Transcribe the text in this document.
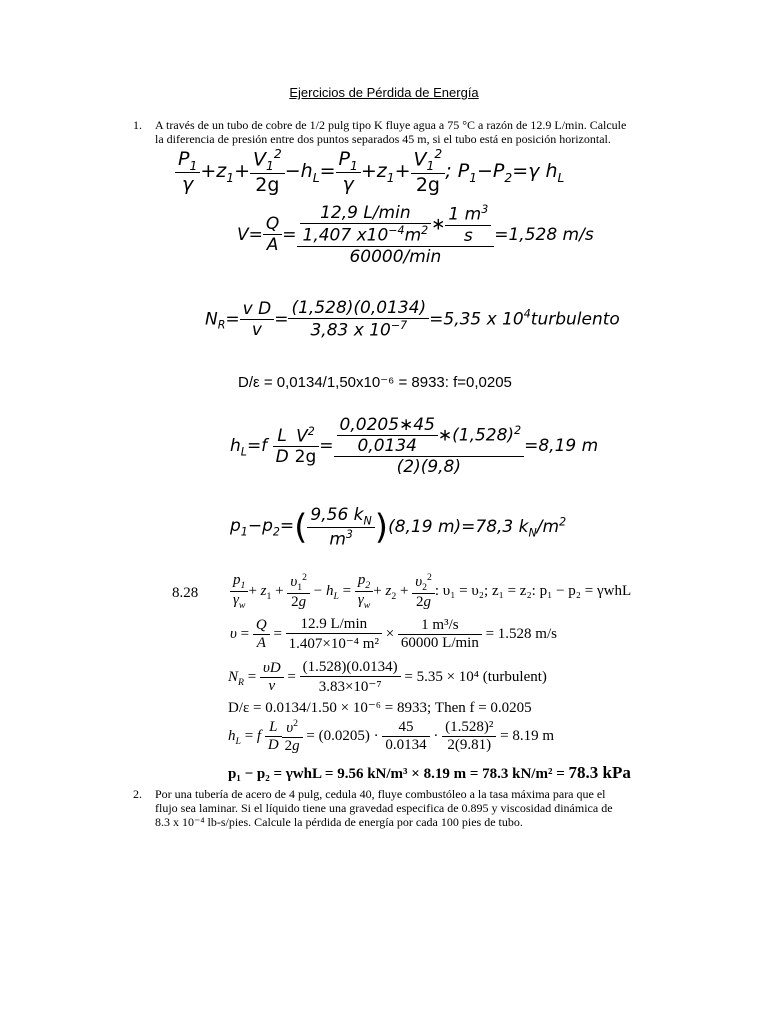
Ejercicios de Pérdida de Energía
1. A través de un tubo de cobre de 1/2 pulg tipo K fluye agua a 75 °C a razón de 12.9 L/min. Calcule
la diferencia de presión entre dos puntos separados 45 m, si el tubo está en posición horizontal.
$\frac{P_1}{\gamma} +z_1+ \frac{V_1^2}{2g} -h_L= \frac{P_1}{\gamma} +z_1+ \frac{V_1^2}{2g}$ ; $P_1-P_2=\gamma$ $h_L$
$V= \frac{Q}{A} = \frac{\frac{12,9 L/\min}{1,407 x10^{-4}m^2} ∗ \frac{1 m^3}{s}}{60000/\min} =1,528$ m/s
$N_R= \frac{\text{v D}}{v} = \frac{(1,528)(0,0134)}{3,83 x 10^{-7}} =5,35$ x $10^4turbulento$
D/ε = 0,0134/1,50x10⁻⁶ = 8933: f=0,0205
$h_L=f \frac{L}{D} \frac{V^2}{2g} = \frac{\frac{0,0205∗45}{0,0134} ∗(1,528)^2}{(2)(9,8)} =8,19$ m
$p_1-p_2=( \frac{9,56 k_N}{m^3} )(8,19$ m)=78,3 $k_N/m^2$
$8.28 \frac{p_1}{\gamma_w} + z_1 + \frac{\upsilon_1^2}{2g} - h_L = \frac{p_2}{\gamma_w} + z_2 + \frac{\upsilon_2^2}{2g}$ : υ₁ = υ₂; z₁ = z₂: p₁ − p₂ = γwhL
$\upsilon = \frac{Q}{A} = \frac{12.9 L/\min}{\text{1.407×10⁻⁴ m²}} \times \frac{\text{1 m³/s}}{60000 L/\min} = 1.528$ m/s
$N_R = \frac{\upsilon D}{\nu} = \frac{(1.528)(0.0134)}{\text{3.83×10⁻⁷}} = 5.35 \times 10^4$ (turbulent)
D/ε = 0.0134/1.50 × 10⁻⁶ = 8933; Then f = 0.0205
$h_L = f \frac{L}{D} \frac{\upsilon^2}{2g} = (0.0205) \cdot \frac{45}{0.0134} \cdot \frac{\text{(1.528)²}}{2(9.81)} = 8.19$ m
p₁ − p₂ = γwhL = 9.56 kN/m³ × 8.19 m = 78.3 kN/m² = 78.3 kPa
2. Por una tubería de acero de 4 pulg, cedula 40, fluye combustóleo a la tasa máxima para que el
flujo sea laminar. Si el líquido tiene una gravedad especifica de 0.895 y viscosidad dinámica de
8.3 x 10⁻⁴ lb-s/pies. Calcule la pérdida de energía por cada 100 pies de tubo.
